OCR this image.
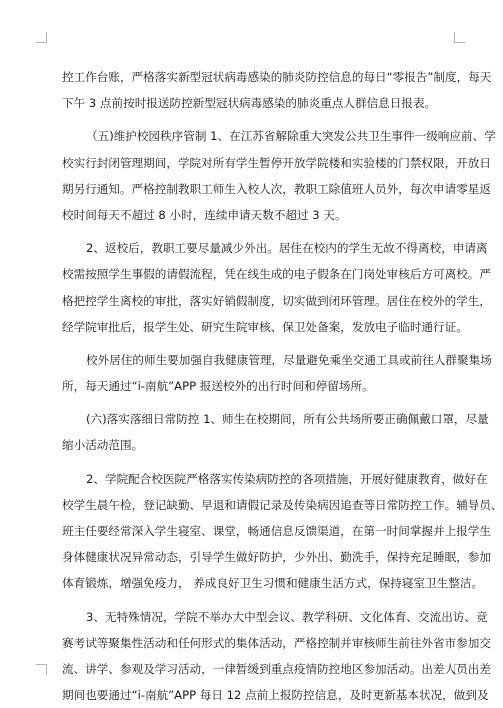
控工作台账，严格落实新型冠状病毒感染的肺炎防控信息的每日“零报告”制度，每天
下午 3 点前按时报送防控新型冠状病毒感染的肺炎重点人群信息日报表。
（五)维护校园秩序管制 1、在江苏省解除重大突发公共卫生事件一级响应前、学
校实行封闭管理期间，学院对所有学生暂停开放学院楼和实验楼的门禁权限，开放日
期另行通知。严格控制教职工师生入校人次，教职工除值班人员外，每次申请零星返
校时间每天不超过 8 小时，连续申请天数不超过 3 天。
2、返校后，教职工要尽量减少外出。居住在校内的学生无故不得离校，申请离
校需按照学生事假的请假流程，凭在线生成的电子假条在门岗处审核后方可离校。严
格把控学生离校的审批，落实好销假制度，切实做到闭环管理。居住在校外的学生，
经学院审批后，报学生处、研究生院审核、保卫处备案，发放电子临时通行证。
校外居住的师生要加强自我健康管理，尽量避免乘坐交通工具或前往人群聚集场
所，每天通过“i-南航”APP 报送校外的出行时间和停留场所。
(六)落实落细日常防控 1、师生在校期间，所有公共场所要正确佩戴口罩，尽量
缩小活动范围。
2、学院配合校医院严格落实传染病防控的各项措施，开展好健康教育，做好在
校学生晨午检，登记缺勤、早退和请假记录及传染病因追查等日常防控工作。辅导员、
班主任要经常深入学生寝室、课堂，畅通信息反馈渠道，在第一时间掌握并上报学生
身体健康状况异常动态，引导学生做好防护，少外出、勤洗手，保持充足睡眠，参加
体育锻炼，增强免疫力， 养成良好卫生习惯和健康生活方式，保持寝室卫生整洁。
3、无特殊情况，学院不举办大中型会议、教学科研、文化体育、交流出访、竞
赛考试等聚集性活动和任何形式的集体活动，严格控制并审核师生前往外省市参加交
流、讲学、参观及学习活动，一律暂缓到重点疫情防控地区参加活动。出差人员出差
期间也要通过“i-南航”APP 每日 12 点前上报防控信息，及时更新基本状况，做到及
